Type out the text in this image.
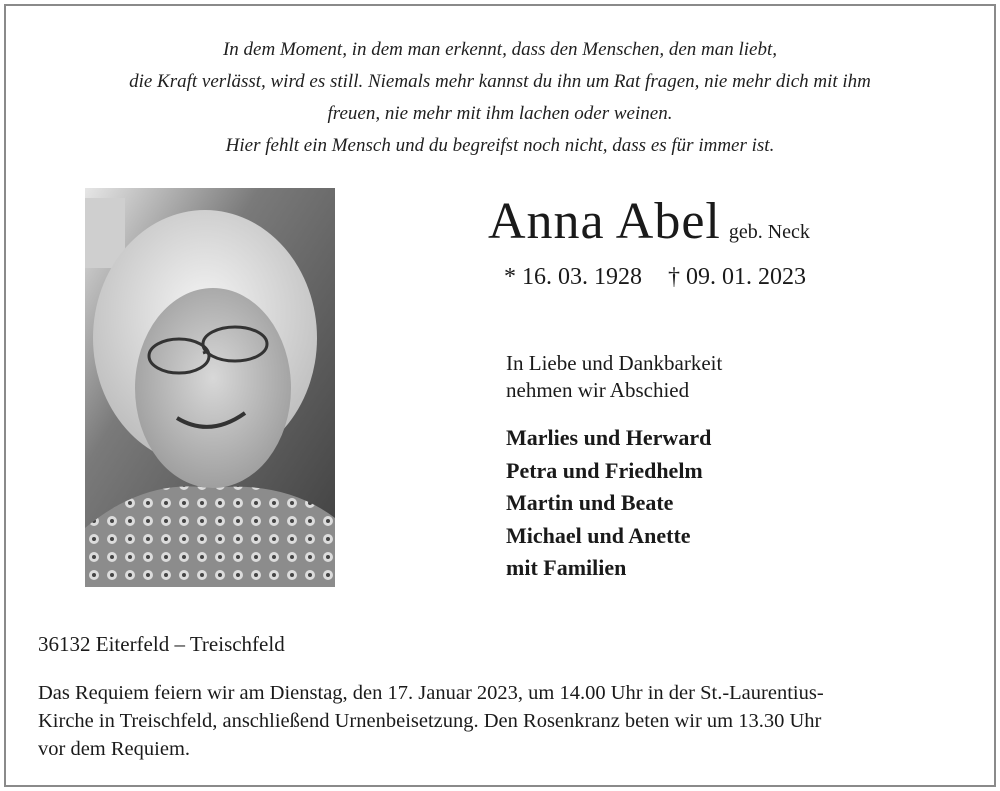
In dem Moment, in dem man erkennt, dass den Menschen, den man liebt,
die Kraft verlässt, wird es still. Niemals mehr kannst du ihn um Rat fragen, nie mehr dich mit ihm
freuen, nie mehr mit ihm lachen oder weinen.
Hier fehlt ein Mensch und du begreifst noch nicht, dass es für immer ist.
Anna Abel geb. Neck
* 16. 03. 1928 † 09. 01. 2023
In Liebe und Dankbarkeit
nehmen wir Abschied
Marlies und Herward
Petra und Friedhelm
Martin und Beate
Michael und Anette
mit Familien
36132 Eiterfeld – Treischfeld
Das Requiem feiern wir am Dienstag, den 17. Januar 2023, um 14.00 Uhr in der St.-Laurentius-
Kirche in Treischfeld, anschließend Urnenbeisetzung. Den Rosenkranz beten wir um 13.30 Uhr
vor dem Requiem.
